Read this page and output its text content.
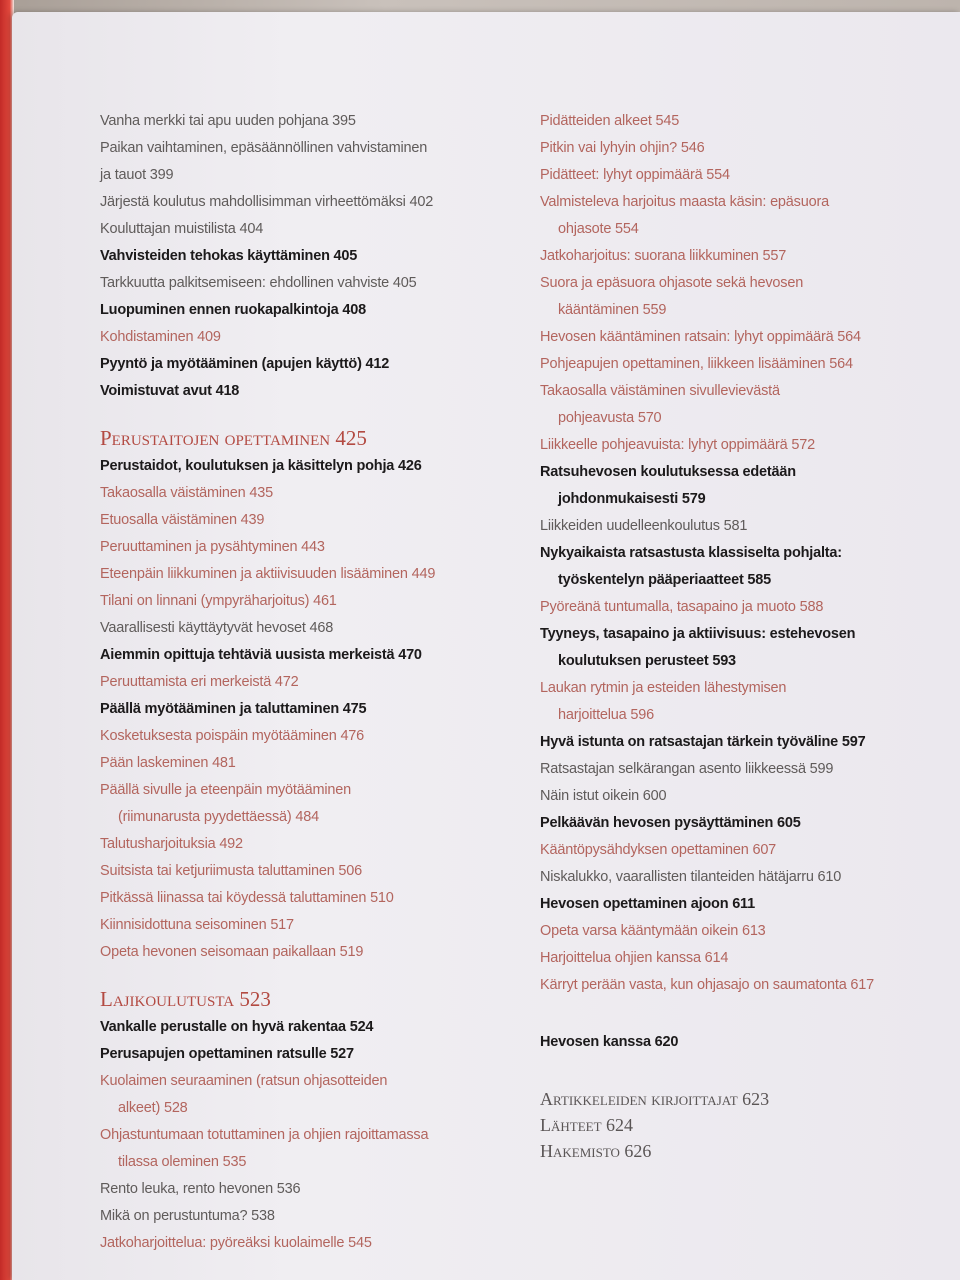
Vanha merkki tai apu uuden pohjana 395
Paikan vaihtaminen, epäsäännöllinen vahvistaminen
ja tauot 399
Järjestä koulutus mahdollisimman virheettömäksi 402
Kouluttajan muistilista 404
Vahvisteiden tehokas käyttäminen 405
Tarkkuutta palkitsemiseen: ehdollinen vahviste 405
Luopuminen ennen ruokapalkintoja 408
Kohdistaminen 409
Pyyntö ja myötääminen (apujen käyttö) 412
Voimistuvat avut 418
Perustaitojen opettaminen 425
Perustaidot, koulutuksen ja käsittelyn pohja 426
Takaosalla väistäminen 435
Etuosalla väistäminen 439
Peruuttaminen ja pysähtyminen 443
Eteenpäin liikkuminen ja aktiivisuuden lisääminen 449
Tilani on linnani (ympyräharjoitus) 461
Vaarallisesti käyttäytyvät hevoset 468
Aiemmin opittuja tehtäviä uusista merkeistä 470
Peruuttamista eri merkeistä 472
Päällä myötääminen ja taluttaminen 475
Kosketuksesta poispäin myötääminen 476
Pään laskeminen 481
Päällä sivulle ja eteenpäin myötääminen
(riimunarusta pyydettäessä) 484
Talutusharjoituksia 492
Suitsista tai ketjuriimusta taluttaminen 506
Pitkässä liinassa tai köydessä taluttaminen 510
Kiinnisidottuna seisominen 517
Opeta hevonen seisomaan paikallaan 519
Lajikoulutusta 523
Vankalle perustalle on hyvä rakentaa 524
Perusapujen opettaminen ratsulle 527
Kuolaimen seuraaminen (ratsun ohjasotteiden
alkeet) 528
Ohjastuntumaan totuttaminen ja ohjien rajoittamassa
tilassa oleminen 535
Rento leuka, rento hevonen 536
Mikä on perustuntuma? 538
Jatkoharjoittelua: pyöreäksi kuolaimelle 545
Pidätteiden alkeet 545
Pitkin vai lyhyin ohjin? 546
Pidätteet: lyhyt oppimäärä 554
Valmisteleva harjoitus maasta käsin: epäsuora
ohjasote 554
Jatkoharjoitus: suorana liikkuminen 557
Suora ja epäsuora ohjasote sekä hevosen
kääntäminen 559
Hevosen kääntäminen ratsain: lyhyt oppimäärä 564
Pohjeapujen opettaminen, liikkeen lisääminen 564
Takaosalla väistäminen sivullevievästä
pohjeavusta 570
Liikkeelle pohjeavuista: lyhyt oppimäärä 572
Ratsuhevosen koulutuksessa edetään
johdonmukaisesti 579
Liikkeiden uudelleenkoulutus 581
Nykyaikaista ratsastusta klassiselta pohjalta:
työskentelyn pääperiaatteet 585
Pyöreänä tuntumalla, tasapaino ja muoto 588
Tyyneys, tasapaino ja aktiivisuus: estehevosen
koulutuksen perusteet 593
Laukan rytmin ja esteiden lähestymisen
harjoittelua 596
Hyvä istunta on ratsastajan tärkein työväline 597
Ratsastajan selkärangan asento liikkeessä 599
Näin istut oikein 600
Pelkäävän hevosen pysäyttäminen 605
Kääntöpysähdyksen opettaminen 607
Niskalukko, vaarallisten tilanteiden hätäjarru 610
Hevosen opettaminen ajoon 611
Opeta varsa kääntymään oikein 613
Harjoittelua ohjien kanssa 614
Kärryt perään vasta, kun ohjasajo on saumatonta 617
Hevosen kanssa 620
Artikkeleiden kirjoittajat 623
Lähteet 624
Hakemisto 626
